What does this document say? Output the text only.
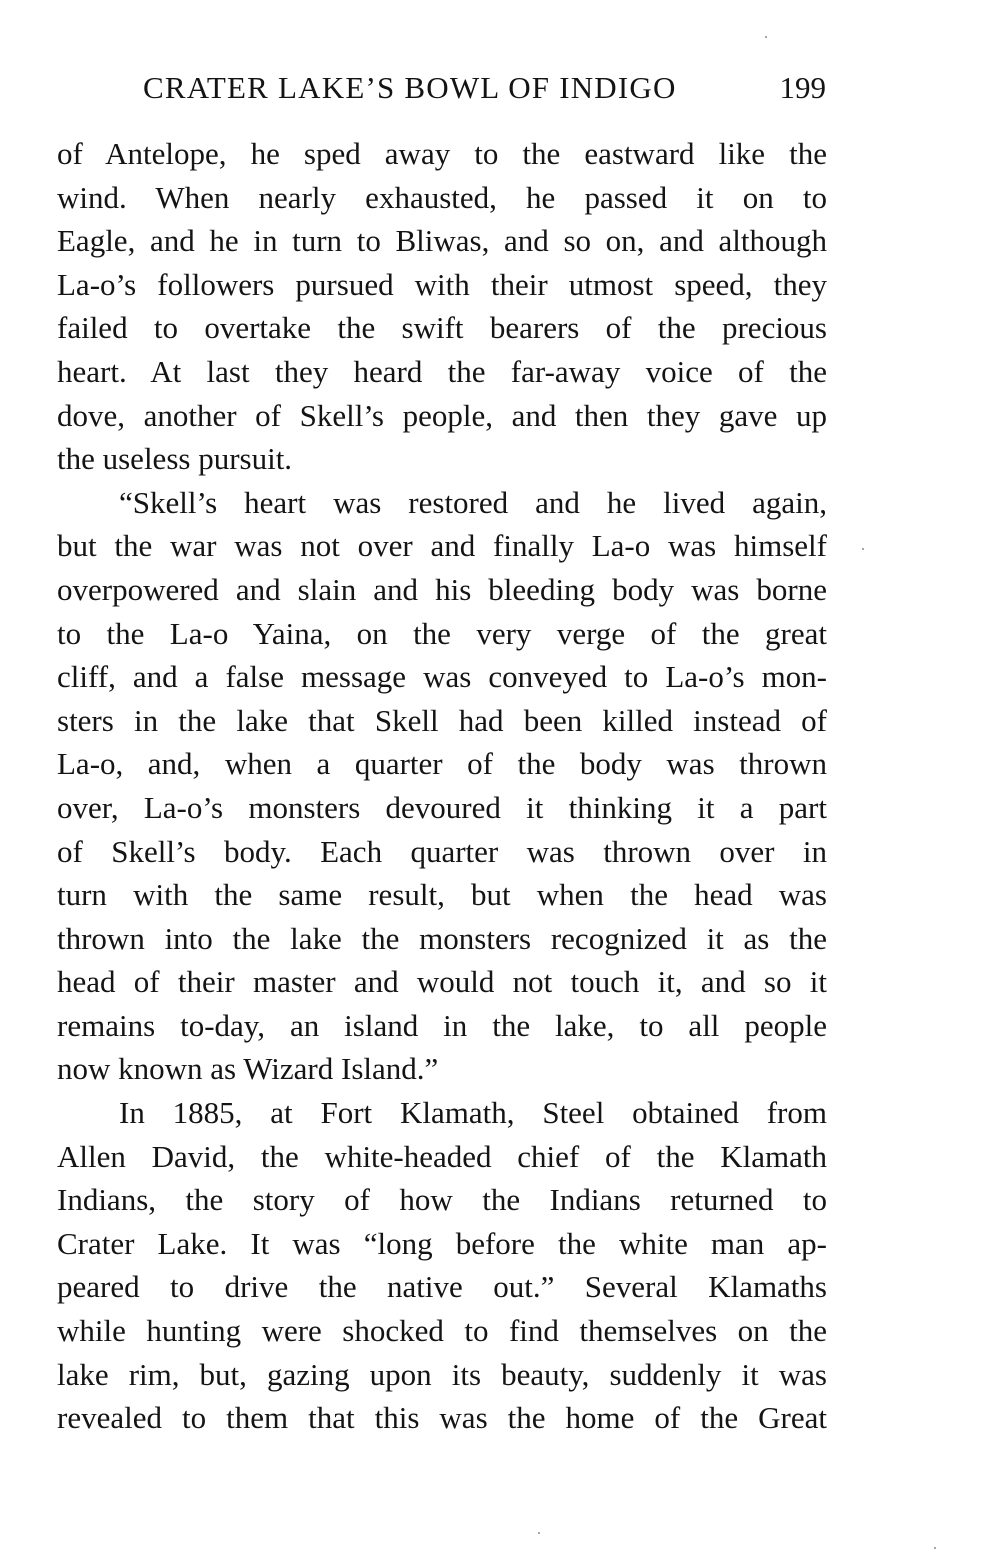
CRATER LAKE’S BOWL OF INDIGO	199
of Antelope, he sped away to the eastward like the
wind. When nearly exhausted, he passed it on to
Eagle, and he in turn to Bliwas, and so on, and although
La-o’s followers pursued with their utmost speed, they
failed to overtake the swift bearers of the precious
heart. At last they heard the far-away voice of the
dove, another of Skell’s people, and then they gave up
the useless pursuit.
“Skell’s heart was restored and he lived again,
but the war was not over and finally La-o was himself
overpowered and slain and his bleeding body was borne
to the La-o Yaina, on the very verge of the great
cliff, and a false message was conveyed to La-o’s mon-
sters in the lake that Skell had been killed instead of
La-o, and, when a quarter of the body was thrown
over, La-o’s monsters devoured it thinking it a part
of Skell’s body. Each quarter was thrown over in
turn with the same result, but when the head was
thrown into the lake the monsters recognized it as the
head of their master and would not touch it, and so it
remains to-day, an island in the lake, to all people
now known as Wizard Island.”
In 1885, at Fort Klamath, Steel obtained from
Allen David, the white-headed chief of the Klamath
Indians, the story of how the Indians returned to
Crater Lake. It was “long before the white man ap-
peared to drive the native out.” Several Klamaths
while hunting were shocked to find themselves on the
lake rim, but, gazing upon its beauty, suddenly it was
revealed to them that this was the home of the Great
